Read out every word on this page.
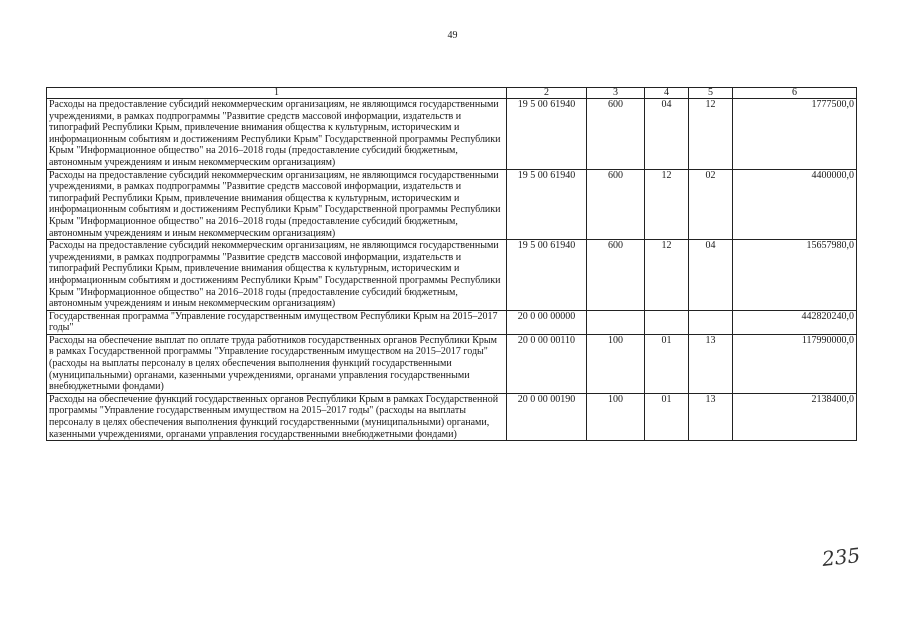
49
1	2	3	4	5	6
Расходы на предоставление субсидий некоммерческим организациям, не являющимся государственными учреждениями, в рамках подпрограммы "Развитие средств массовой информации, издательств и типографий Республики Крым, привлечение внимания общества к культурным, историческим и информационным событиям и достижениям Республики Крым" Государственной программы Республики Крым "Информационное общество" на 2016–2018 годы (предоставление субсидий бюджетным, автономным учреждениям и иным некоммерческим организациям)	19 5 00 61940	600	04	12	1777500,0
Расходы на предоставление субсидий некоммерческим организациям, не являющимся государственными учреждениями, в рамках подпрограммы "Развитие средств массовой информации, издательств и типографий Республики Крым, привлечение внимания общества к культурным, историческим и информационным событиям и достижениям Республики Крым" Государственной программы Республики Крым "Информационное общество" на 2016–2018 годы (предоставление субсидий бюджетным, автономным учреждениям и иным некоммерческим организациям)	19 5 00 61940	600	12	02	4400000,0
Расходы на предоставление субсидий некоммерческим организациям, не являющимся государственными учреждениями, в рамках подпрограммы "Развитие средств массовой информации, издательств и типографий Республики Крым, привлечение внимания общества к культурным, историческим и информационным событиям и достижениям Республики Крым" Государственной программы Республики Крым "Информационное общество" на 2016–2018 годы (предоставление субсидий бюджетным, автономным учреждениям и иным некоммерческим организациям)	19 5 00 61940	600	12	04	15657980,0
Государственная программа "Управление государственным имуществом Республики Крым на 2015–2017 годы"	20 0 00 00000				442820240,0
Расходы на обеспечение выплат по оплате труда работников государственных органов Республики Крым в рамках Государственной программы "Управление государственным имуществом на 2015–2017 годы" (расходы на выплаты персоналу в целях обеспечения выполнения функций государственными (муниципальными) органами, казенными учреждениями, органами управления государственными внебюджетными фондами)	20 0 00 00110	100	01	13	117990000,0
Расходы на обеспечение функций государственных органов Республики Крым в рамках Государственной программы "Управление государственным имуществом на 2015–2017 годы" (расходы на выплаты персоналу в целях обеспечения выполнения функций государственными (муниципальными) органами, казенными учреждениями, органами управления государственными внебюджетными фондами)	20 0 00 00190	100	01	13	2138400,0
235
